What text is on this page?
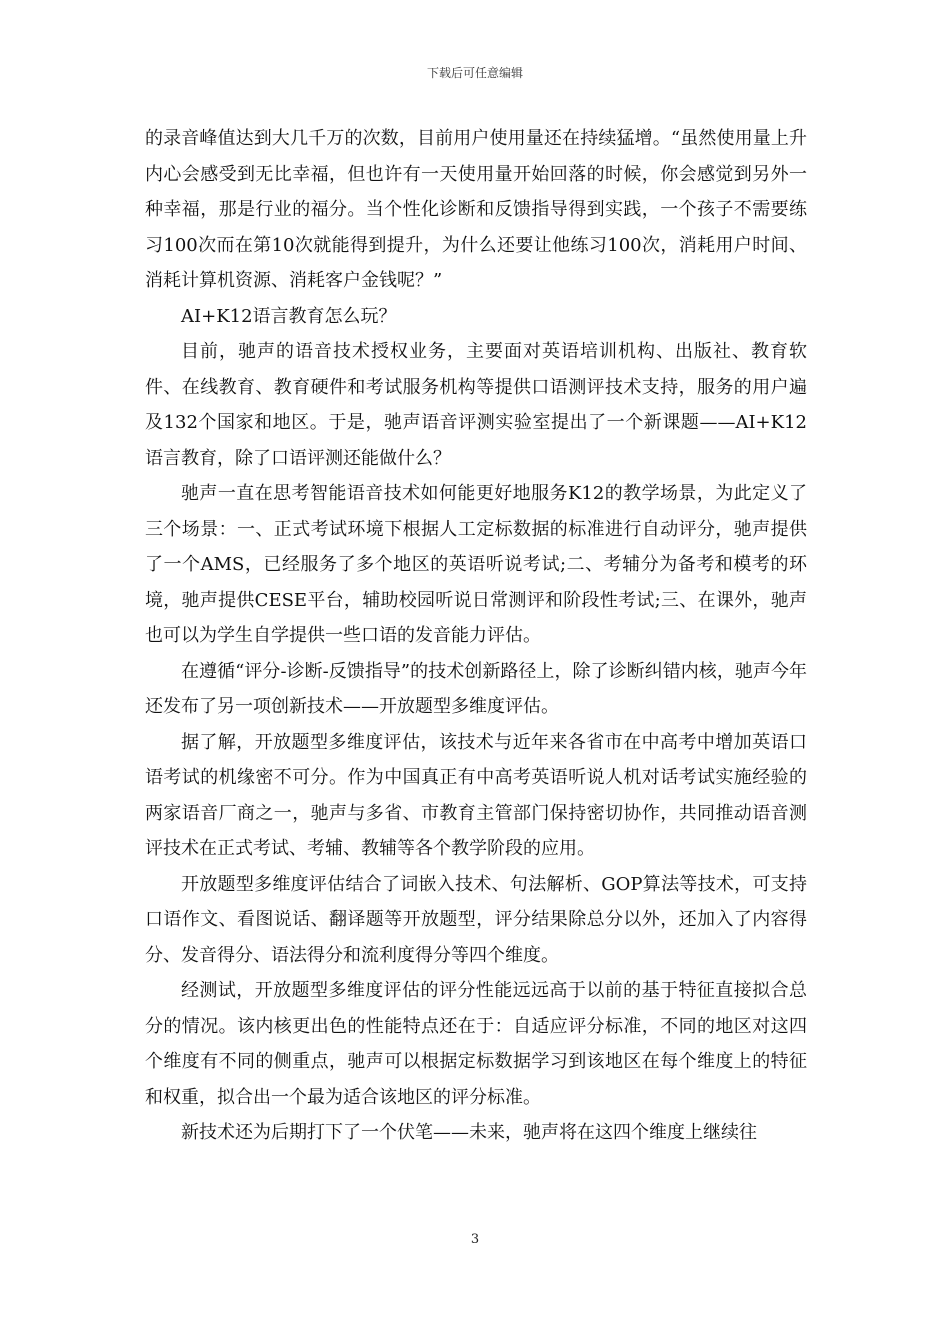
下载后可任意编辑

的录音峰值达到大几千万的次数，目前用户使用量还在持续猛增。“虽然使用量上升内心会感受到无比幸福，但也许有一天使用量开始回落的时候，你会感觉到另外一种幸福，那是行业的福分。当个性化诊断和反馈指导得到实践，一个孩子不需要练习100次而在第10次就能得到提升，为什么还要让他练习100次，消耗用户时间、消耗计算机资源、消耗客户金钱呢？”

AI+K12语言教育怎么玩？

目前，驰声的语音技术授权业务，主要面对英语培训机构、出版社、教育软件、在线教育、教育硬件和考试服务机构等提供口语测评技术支持，服务的用户遍及132个国家和地区。于是，驰声语音评测实验室提出了一个新课题——AI+K12语言教育，除了口语评测还能做什么？

驰声一直在思考智能语音技术如何能更好地服务K12的教学场景，为此定义了三个场景：一、正式考试环境下根据人工定标数据的标准进行自动评分，驰声提供了一个AMS，已经服务了多个地区的英语听说考试;二、考辅分为备考和模考的环境，驰声提供CESE平台，辅助校园听说日常测评和阶段性考试;三、在课外，驰声也可以为学生自学提供一些口语的发音能力评估。

在遵循“评分-诊断-反馈指导”的技术创新路径上，除了诊断纠错内核，驰声今年还发布了另一项创新技术——开放题型多维度评估。

据了解，开放题型多维度评估，该技术与近年来各省市在中高考中增加英语口语考试的机缘密不可分。作为中国真正有中高考英语听说人机对话考试实施经验的两家语音厂商之一，驰声与多省、市教育主管部门保持密切协作，共同推动语音测评技术在正式考试、考辅、教辅等各个教学阶段的应用。

开放题型多维度评估结合了词嵌入技术、句法解析、GOP算法等技术，可支持口语作文、看图说话、翻译题等开放题型，评分结果除总分以外，还加入了内容得分、发音得分、语法得分和流利度得分等四个维度。

经测试，开放题型多维度评估的评分性能远远高于以前的基于特征直接拟合总分的情况。该内核更出色的性能特点还在于：自适应评分标准，不同的地区对这四个维度有不同的侧重点，驰声可以根据定标数据学习到该地区在每个维度上的特征和权重，拟合出一个最为适合该地区的评分标准。

新技术还为后期打下了一个伏笔——未来，驰声将在这四个维度上继续往

3
